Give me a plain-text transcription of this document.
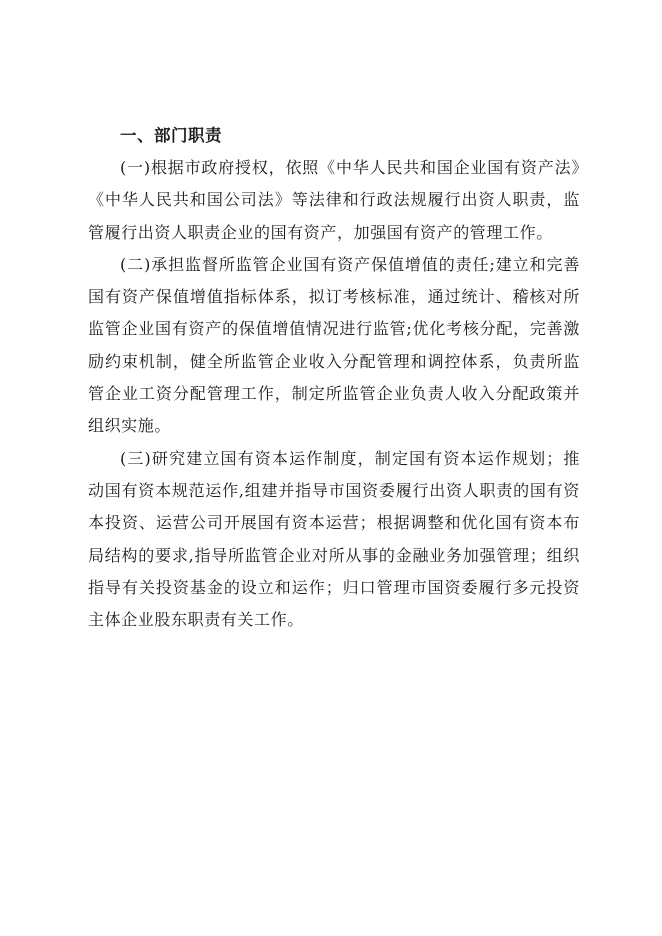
一、部门职责

(一)根据市政府授权，依照《中华人民共和国企业国有资产法》《中华人民共和国公司法》等法律和行政法规履行出资人职责，监管履行出资人职责企业的国有资产，加强国有资产的管理工作。

(二)承担监督所监管企业国有资产保值增值的责任;建立和完善国有资产保值增值指标体系，拟订考核标准，通过统计、稽核对所监管企业国有资产的保值增值情况进行监管;优化考核分配，完善激励约束机制，健全所监管企业收入分配管理和调控体系，负责所监管企业工资分配管理工作，制定所监管企业负责人收入分配政策并组织实施。

(三)研究建立国有资本运作制度，制定国有资本运作规划；推动国有资本规范运作,组建并指导市国资委履行出资人职责的国有资本投资、运营公司开展国有资本运营；根据调整和优化国有资本布局结构的要求,指导所监管企业对所从事的金融业务加强管理；组织指导有关投资基金的设立和运作；归口管理市国资委履行多元投资主体企业股东职责有关工作。
